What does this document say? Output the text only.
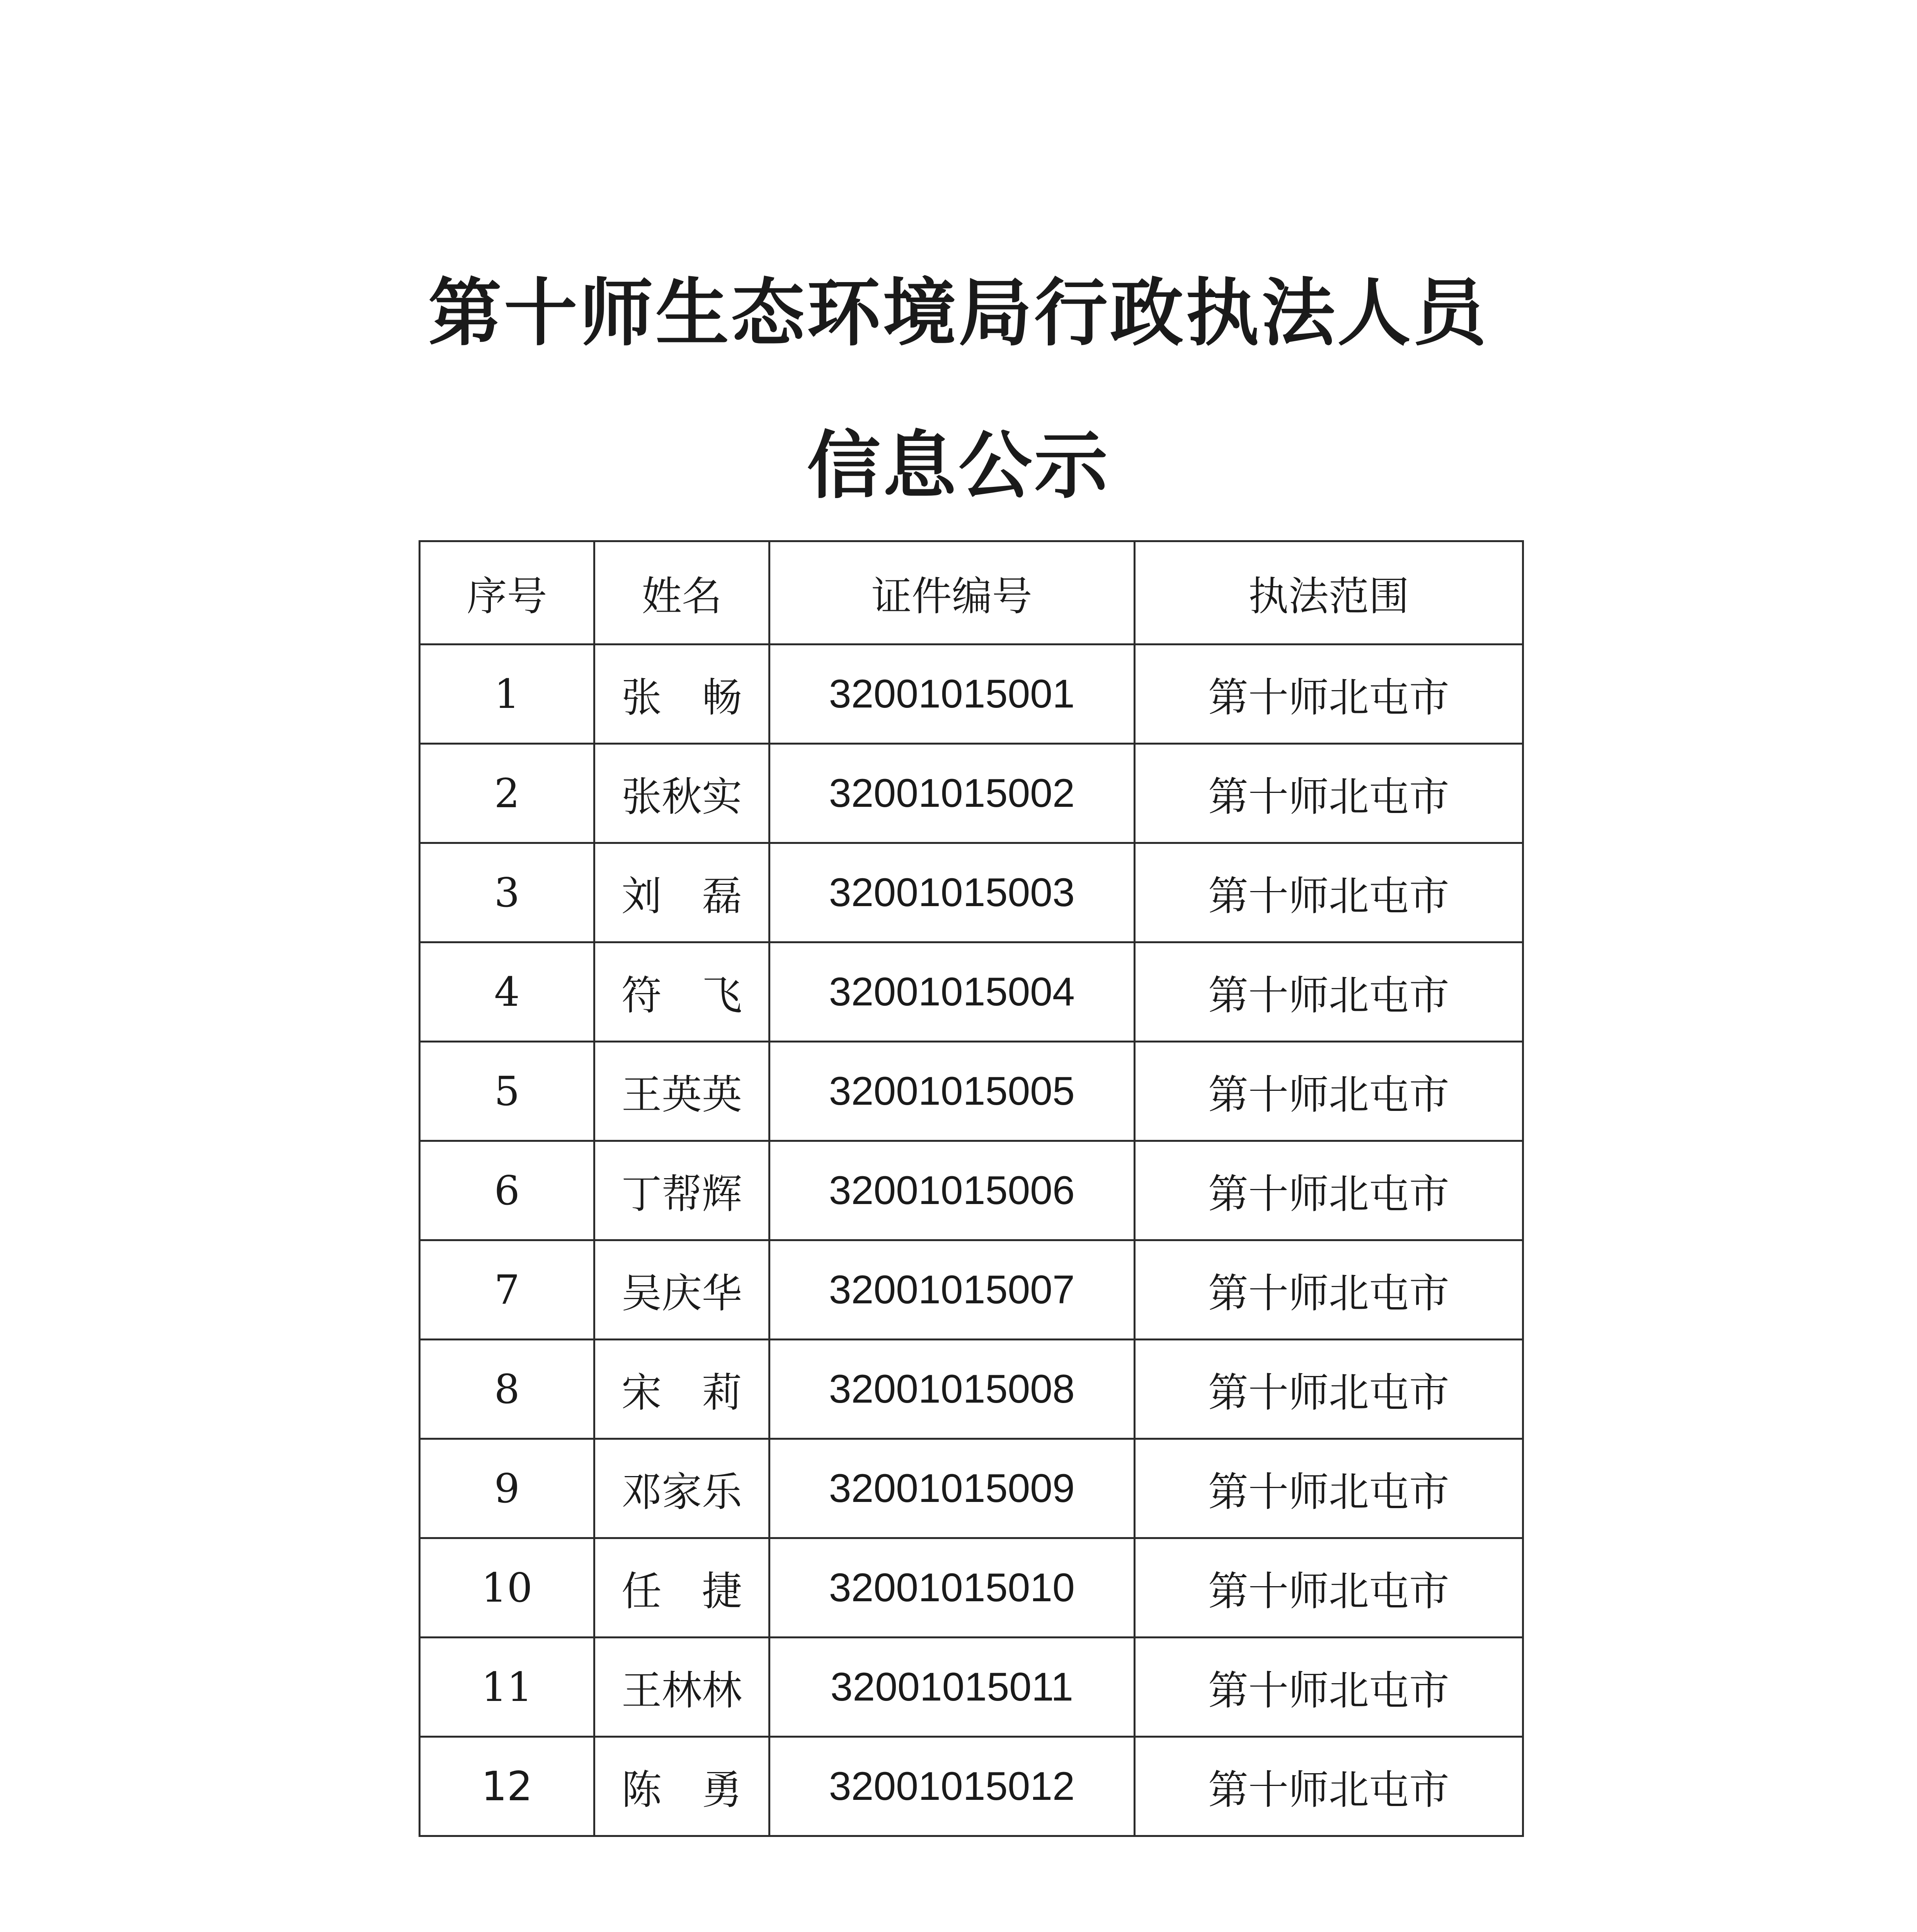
第十师生态环境局行政执法人员
信息公示
序号	姓名	证件编号	执法范围
1	张　畅	32001015001	第十师北屯市
2	张秋实	32001015002	第十师北屯市
3	刘　磊	32001015003	第十师北屯市
4	符　飞	32001015004	第十师北屯市
5	王英英	32001015005	第十师北屯市
6	丁帮辉	32001015006	第十师北屯市
7	吴庆华	32001015007	第十师北屯市
8	宋　莉	32001015008	第十师北屯市
9	邓家乐	32001015009	第十师北屯市
10	任　捷	32001015010	第十师北屯市
11	王林林	32001015011	第十师北屯市
12	陈　勇	32001015012	第十师北屯市
